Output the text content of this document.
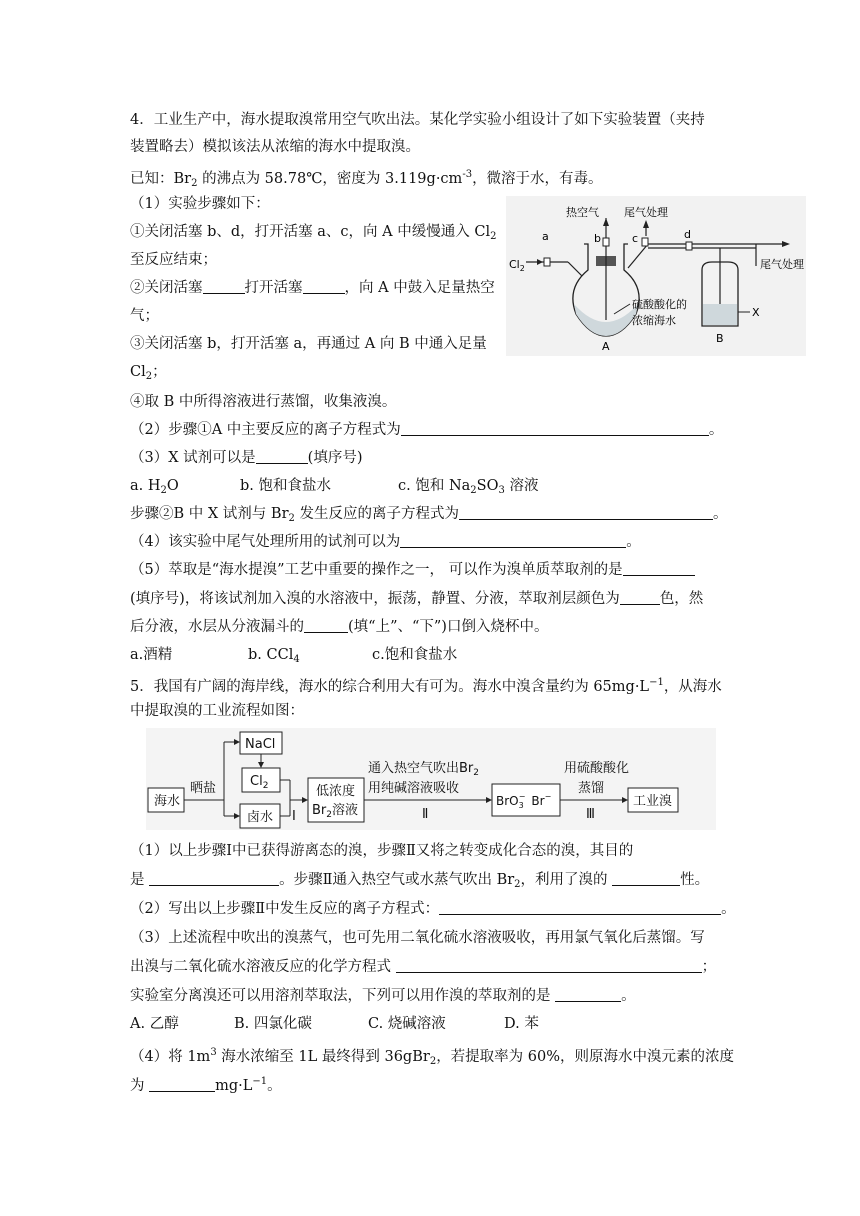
4．工业生产中，海水提取溴常用空气吹出法。某化学实验小组设计了如下实验装置（夹持
装置略去）模拟该法从浓缩的海水中提取溴。
已知：$Br_2$ 的沸点为 58.78℃，密度为 $3.119g\cdot cm^{-3}$，微溶于水，有毒。
（1）实验步骤如下：
①关闭活塞 b、d，打开活塞 a、c，向 A 中缓慢通入 $Cl_2$
至反应结束；
②关闭活塞	打开活塞	，向 A 中鼓入足量热空
气；
③关闭活塞 b，打开活塞 a，再通过 A 向 B 中通入足量
$Cl_2$；
④取 B 中所得溶液进行蒸馏，收集液溴。
（2）步骤①A 中主要反应的离子方程式为	。
（3）X 试剂可以是	(填序号)
a. $H_2O$	b. 饱和食盐水	c. 饱和 $Na_2SO_3$ 溶液
步骤②B 中 X 试剂与 $Br_2$ 发生反应的离子方程式为	。
（4）该实验中尾气处理所用的试剂可以为	。
（5）萃取是“海水提溴”工艺中重要的操作之一， 可以作为溴单质萃取剂的是
(填序号)，将该试剂加入溴的水溶液中，振荡，静置、分液，萃取剂层颜色为	色，然
后分液，水层从分液漏斗的	(填“上”、“下”)口倒入烧杯中。
a.酒精	b. CCl$_4$	c.饱和食盐水
$Cl_2$
a
热空气
b	c
尾气处理
d
X
尾气处理
硫酸酸化的
浓缩海水
A
B
5．我国有广阔的海岸线，海水的综合利用大有可为。海水中溴含量约为 $65mg\cdot L^{-1}$，从海水
中提取溴的工业流程如图：
海水
晒盐
NaCl
$Cl_2$
卤水 Ⅰ
低浓度
$Br_2$溶液
通入热空气吹出$Br_2$
用纯碱溶液吸收
Ⅱ
BrO$_3$− Br−
用硫酸酸化
蒸馏
Ⅲ
工业溴
（1）以上步骤Ⅰ中已获得游离态的溴，步骤Ⅱ又将之转变成化合态的溴，其目的
是	。步骤Ⅱ通入热空气或水蒸气吹出 $Br_2$，利用了溴的	性。
（2）写出以上步骤Ⅱ中发生反应的离子方程式：	。
（3）上述流程中吹出的溴蒸气，也可先用二氧化硫水溶液吸收，再用氯气氧化后蒸馏。写
出溴与二氧化硫水溶液反应的化学方程式	；
实验室分离溴还可以用溶剂萃取法，下列可以用作溴的萃取剂的是	。
A. 乙醇	B. 四氯化碳	C. 烧碱溶液	D. 苯
（4）将 $1m^3$ 海水浓缩至 1L 最终得到 36gBr$_2$，若提取率为 60%，则原海水中溴元素的浓度
为	$mg\cdot L^{-1}$。
